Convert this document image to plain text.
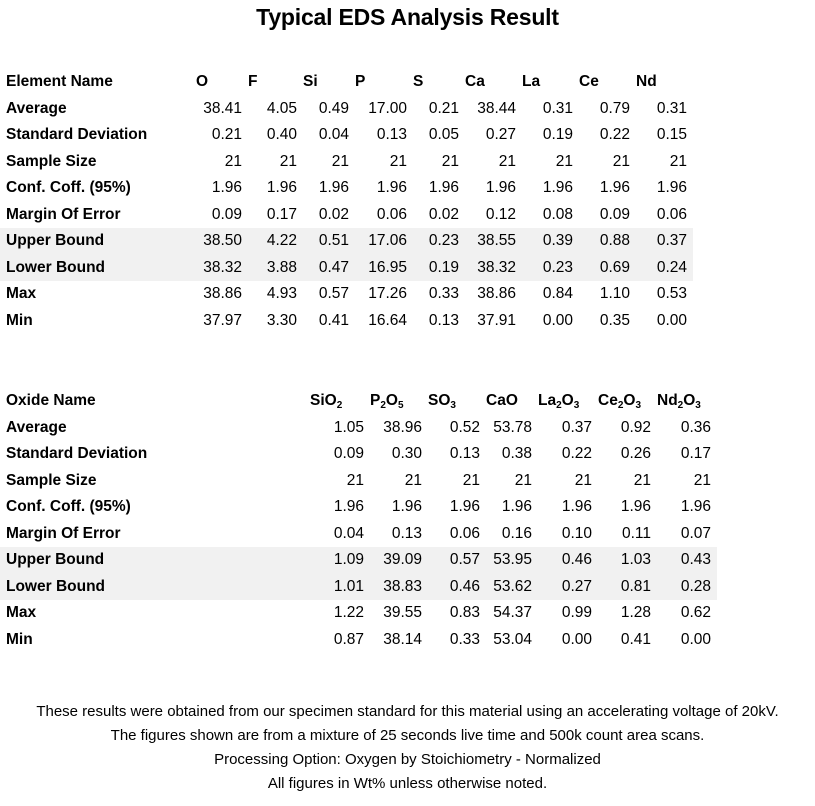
Typical EDS Analysis Result
Element Name	O	F	Si	P	S	Ca	La	Ce	Nd
Average	38.41	4.05	0.49	17.00	0.21	38.44	0.31	0.79	0.31
Standard Deviation	0.21	0.40	0.04	0.13	0.05	0.27	0.19	0.22	0.15
Sample Size	21	21	21	21	21	21	21	21	21
Conf. Coff. (95%)	1.96	1.96	1.96	1.96	1.96	1.96	1.96	1.96	1.96
Margin Of Error	0.09	0.17	0.02	0.06	0.02	0.12	0.08	0.09	0.06
Upper Bound	38.50	4.22	0.51	17.06	0.23	38.55	0.39	0.88	0.37
Lower Bound	38.32	3.88	0.47	16.95	0.19	38.32	0.23	0.69	0.24
Max	38.86	4.93	0.57	17.26	0.33	38.86	0.84	1.10	0.53
Min	37.97	3.30	0.41	16.64	0.13	37.91	0.00	0.35	0.00
Oxide Name	SiO$_2$	$P_2O_5$	$SO_3$	CaO	$La_2O_3$	$Ce_2O_3$	$Nd_2O_3$
Average	1.05	38.96	0.52	53.78	0.37	0.92	0.36
Standard Deviation	0.09	0.30	0.13	0.38	0.22	0.26	0.17
Sample Size	21	21	21	21	21	21	21
Conf. Coff. (95%)	1.96	1.96	1.96	1.96	1.96	1.96	1.96
Margin Of Error	0.04	0.13	0.06	0.16	0.10	0.11	0.07
Upper Bound	1.09	39.09	0.57	53.95	0.46	1.03	0.43
Lower Bound	1.01	38.83	0.46	53.62	0.27	0.81	0.28
Max	1.22	39.55	0.83	54.37	0.99	1.28	0.62
Min	0.87	38.14	0.33	53.04	0.00	0.41	0.00
These results were obtained from our specimen standard for this material using an accelerating voltage of 20kV.
The figures shown are from a mixture of 25 seconds live time and 500k count area scans.
Processing Option: Oxygen by Stoichiometry - Normalized
All figures in Wt% unless otherwise noted.
